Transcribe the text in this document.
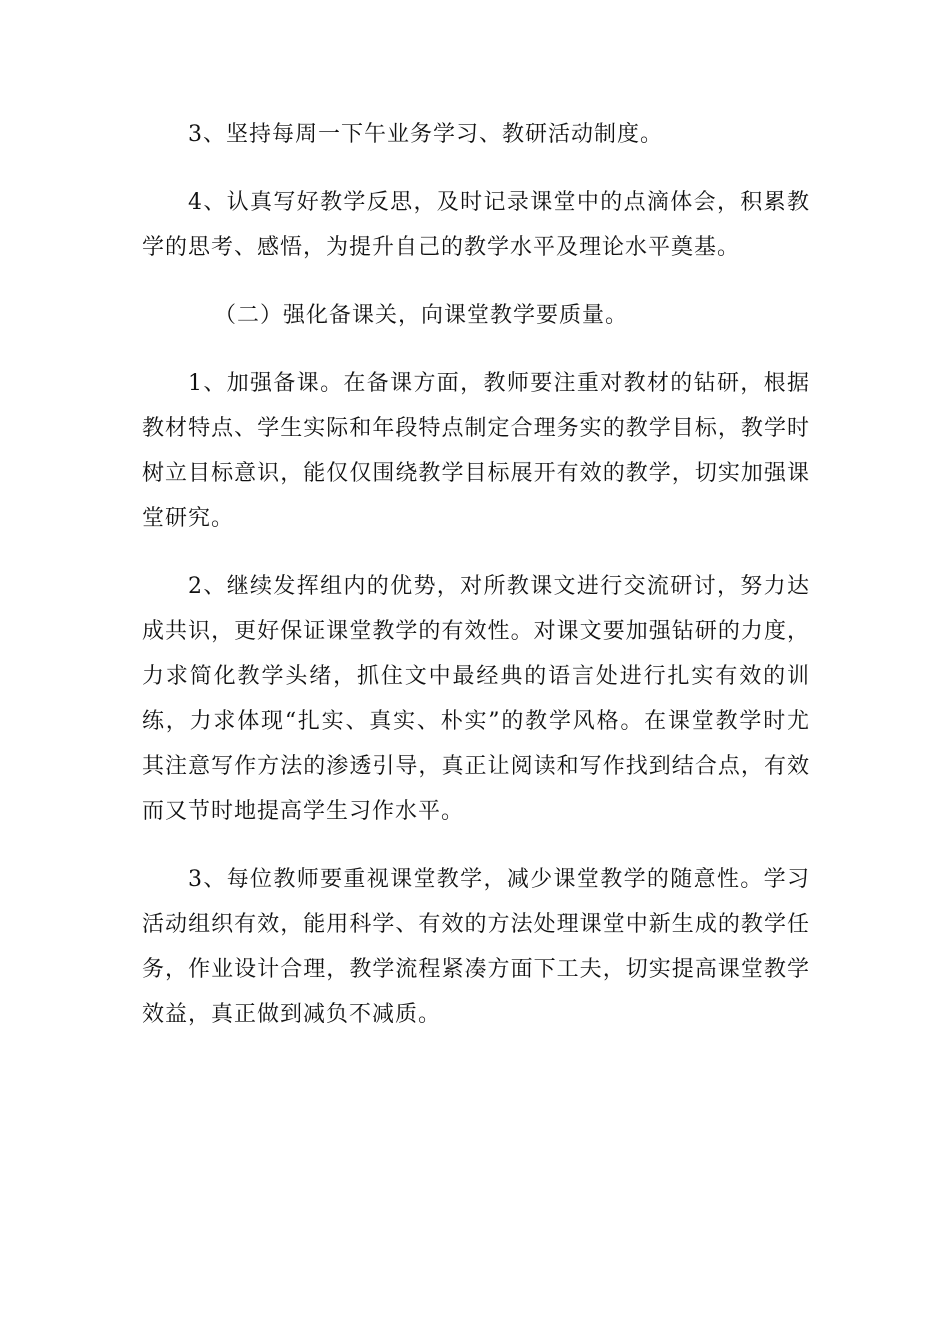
3、坚持每周一下午业务学习、教研活动制度。

4、认真写好教学反思，及时记录课堂中的点滴体会，积累教学的思考、感悟，为提升自己的教学水平及理论水平奠基。

（二）强化备课关，向课堂教学要质量。

1、加强备课。在备课方面，教师要注重对教材的钻研，根据教材特点、学生实际和年段特点制定合理务实的教学目标，教学时树立目标意识，能仅仅围绕教学目标展开有效的教学，切实加强课堂研究。

2、继续发挥组内的优势，对所教课文进行交流研讨，努力达成共识，更好保证课堂教学的有效性。对课文要加强钻研的力度，力求简化教学头绪，抓住文中最经典的语言处进行扎实有效的训练，力求体现“扎实、真实、朴实”的教学风格。在课堂教学时尤其注意写作方法的渗透引导，真正让阅读和写作找到结合点，有效而又节时地提高学生习作水平。

3、每位教师要重视课堂教学，减少课堂教学的随意性。学习活动组织有效，能用科学、有效的方法处理课堂中新生成的教学任务，作业设计合理，教学流程紧凑方面下工夫，切实提高课堂教学效益，真正做到减负不减质。
